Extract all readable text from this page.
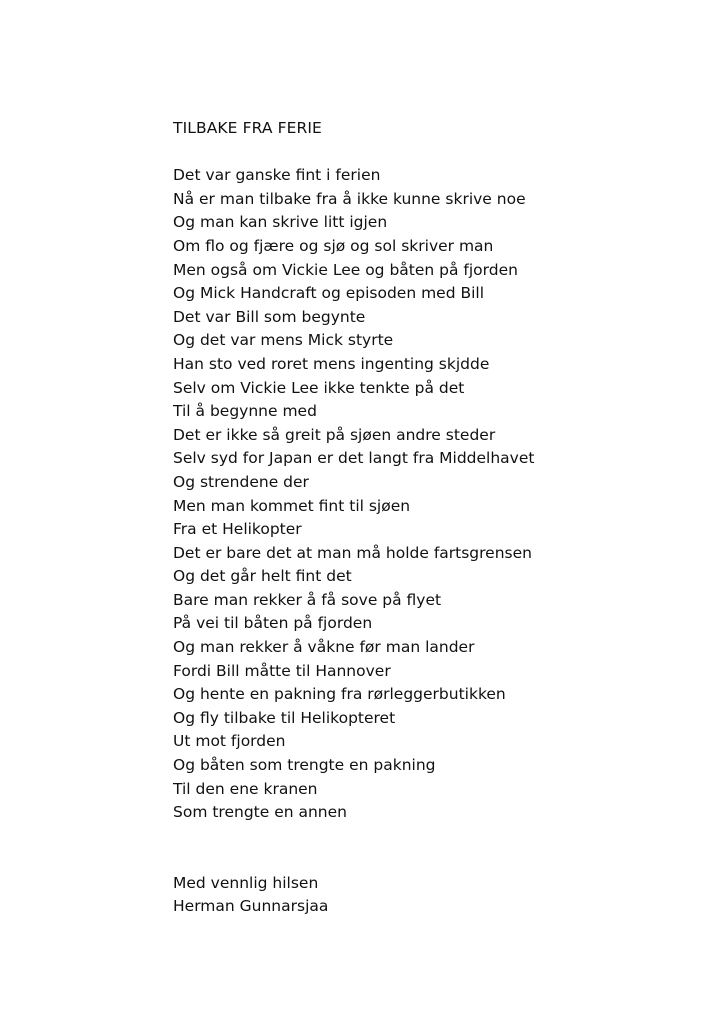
TILBAKE FRA FERIE
Det var ganske fint i ferien
Nå er man tilbake fra å ikke kunne skrive noe
Og man kan skrive litt igjen
Om flo og fjære og sjø og sol skriver man
Men også om Vickie Lee og båten på fjorden
Og Mick Handcraft og episoden med Bill
Det var Bill som begynte
Og det var mens Mick styrte
Han sto ved roret mens ingenting skjdde
Selv om Vickie Lee ikke tenkte på det
Til å begynne med
Det er ikke så greit på sjøen andre steder
Selv syd for Japan er det langt fra Middelhavet
Og strendene der
Men man kommet fint til sjøen
Fra et Helikopter
Det er bare det at man må holde fartsgrensen
Og det går helt fint det
Bare man rekker å få sove på flyet
På vei til båten på fjorden
Og man rekker å våkne før man lander
Fordi Bill måtte til Hannover
Og hente en pakning fra rørleggerbutikken
Og fly tilbake til Helikopteret
Ut mot fjorden
Og båten som trengte en pakning
Til den ene kranen
Som trengte en annen
Med vennlig hilsen
Herman Gunnarsjaa
